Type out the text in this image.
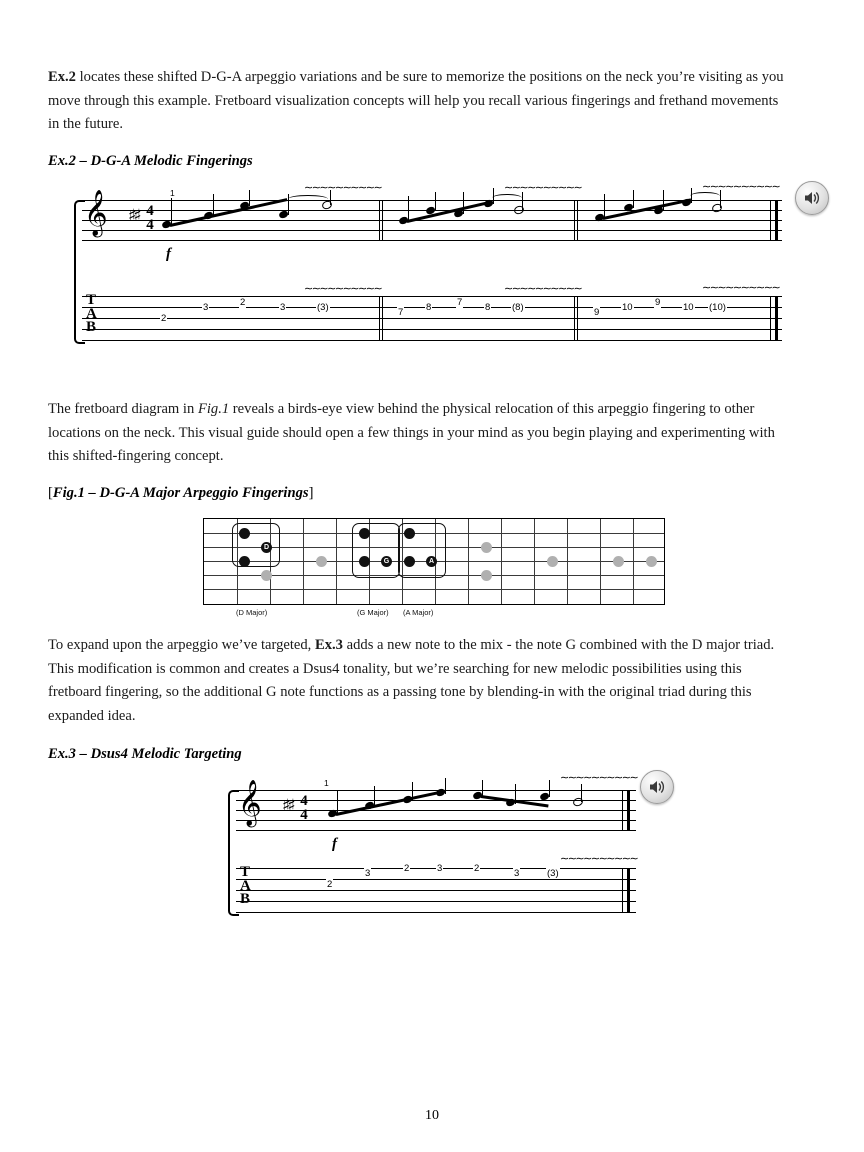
Ex.2 locates these shifted D-G-A arpeggio variations and be sure to memorize the positions on the neck you’re visiting as you move through this example. Fretboard visualization concepts will help you recall various fingerings and frethand movements in the future.
Ex.2 – D-G-A Melodic Fingerings
𝄞 ♯♯ 4
4
1
f
∼∼∼∼∼∼∼∼∼∼	∼∼∼∼∼∼∼∼∼∼	∼∼∼∼∼∼∼∼∼∼
T
A
B
2
3	2	3	(3)
∼∼∼∼∼∼∼∼∼∼
7 8	7 8 (8)
∼∼∼∼∼∼∼∼∼∼
9 10 9 10 (10)
∼∼∼∼∼∼∼∼∼∼
The fretboard diagram in Fig.1 reveals a birds-eye view behind the physical relocation of this arpeggio fingering to other locations on the neck. This visual guide should open a few things in your mind as you begin playing and experimenting with this shifted-fingering concept.
[Fig.1 – D-G-A Major Arpeggio Fingerings]
D
G	A
(D Major)	(G Major) (A Major)
To expand upon the arpeggio we’ve targeted, Ex.3 adds a new note to the mix - the note G combined with the D major triad. This modification is common and creates a Dsus4 tonality, but we’re searching for new melodic possibilities using this fretboard fingering, so the additional G note functions as a passing tone by blending-in with the original triad during this expanded idea.
Ex.3 – Dsus4 Melodic Targeting
𝄞 ♯♯ 4
4
1
f
∼∼∼∼∼∼∼∼∼∼
T
A
B
2
3	2	3	2	3	(3)
∼∼∼∼∼∼∼∼∼∼
10
